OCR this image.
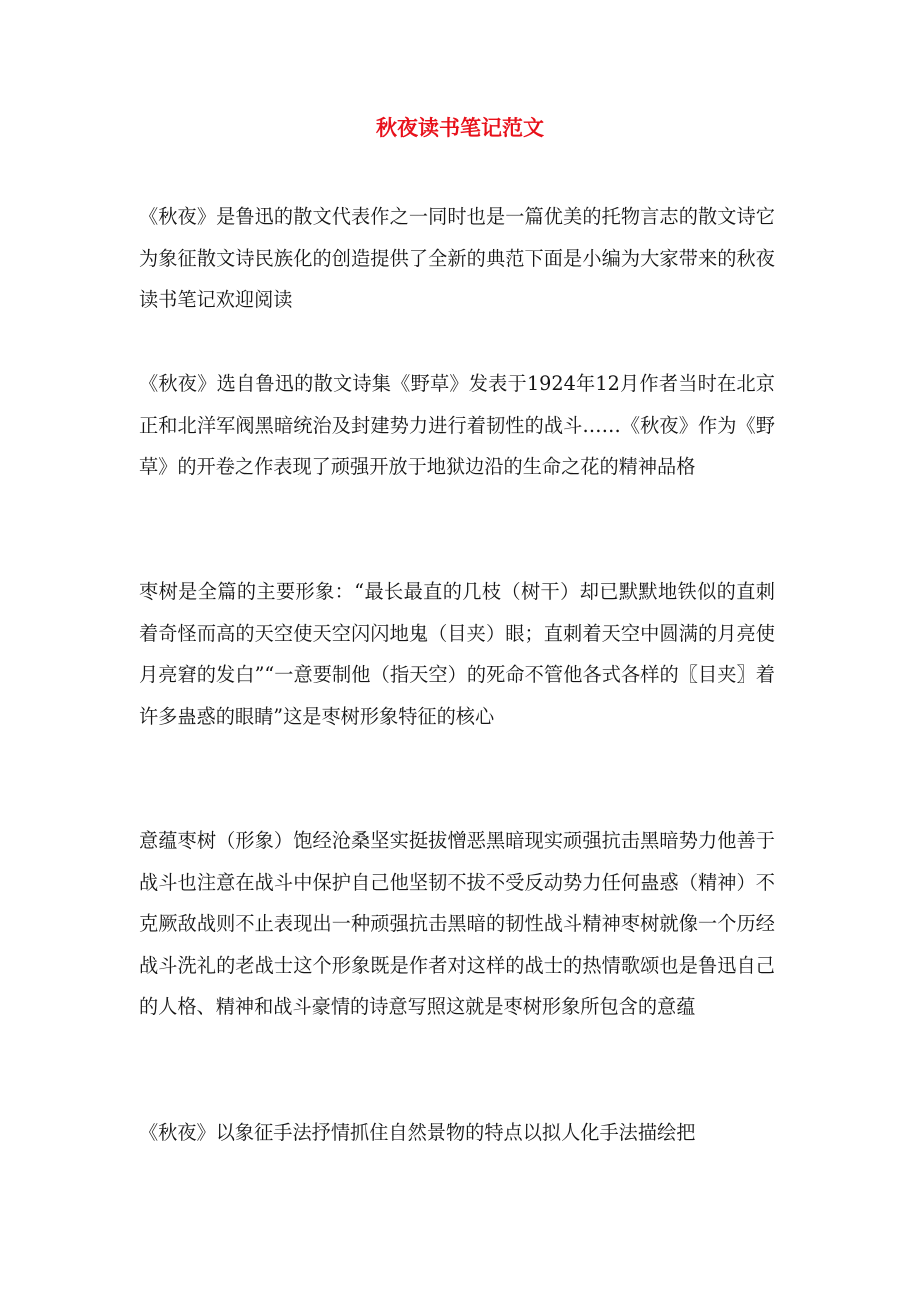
秋夜读书笔记范文

《秋夜》是鲁迅的散文代表作之一同时也是一篇优美的托物言志的散文诗它为象征散文诗民族化的创造提供了全新的典范下面是小编为大家带来的秋夜读书笔记欢迎阅读

《秋夜》选自鲁迅的散文诗集《野草》发表于1924年12月作者当时在北京正和北洋军阀黑暗统治及封建势力进行着韧性的战斗……《秋夜》作为《野草》的开卷之作表现了顽强开放于地狱边沿的生命之花的精神品格

枣树是全篇的主要形象：“最长最直的几枝（树干）却已默默地铁似的直刺着奇怪而高的天空使天空闪闪地鬼（目夹）眼；直刺着天空中圆满的月亮使月亮窘的发白”“一意要制他（指天空）的死命不管他各式各样的〖目夹〗着许多蛊惑的眼睛”这是枣树形象特征的核心

意蕴枣树（形象）饱经沧桑坚实挺拔憎恶黑暗现实顽强抗击黑暗势力他善于战斗也注意在战斗中保护自己他坚韧不拔不受反动势力任何蛊惑（精神）不克厥敌战则不止表现出一种顽强抗击黑暗的韧性战斗精神枣树就像一个历经战斗洗礼的老战士这个形象既是作者对这样的战士的热情歌颂也是鲁迅自己的人格、精神和战斗豪情的诗意写照这就是枣树形象所包含的意蕴

《秋夜》以象征手法抒情抓住自然景物的特点以拟人化手法描绘把
